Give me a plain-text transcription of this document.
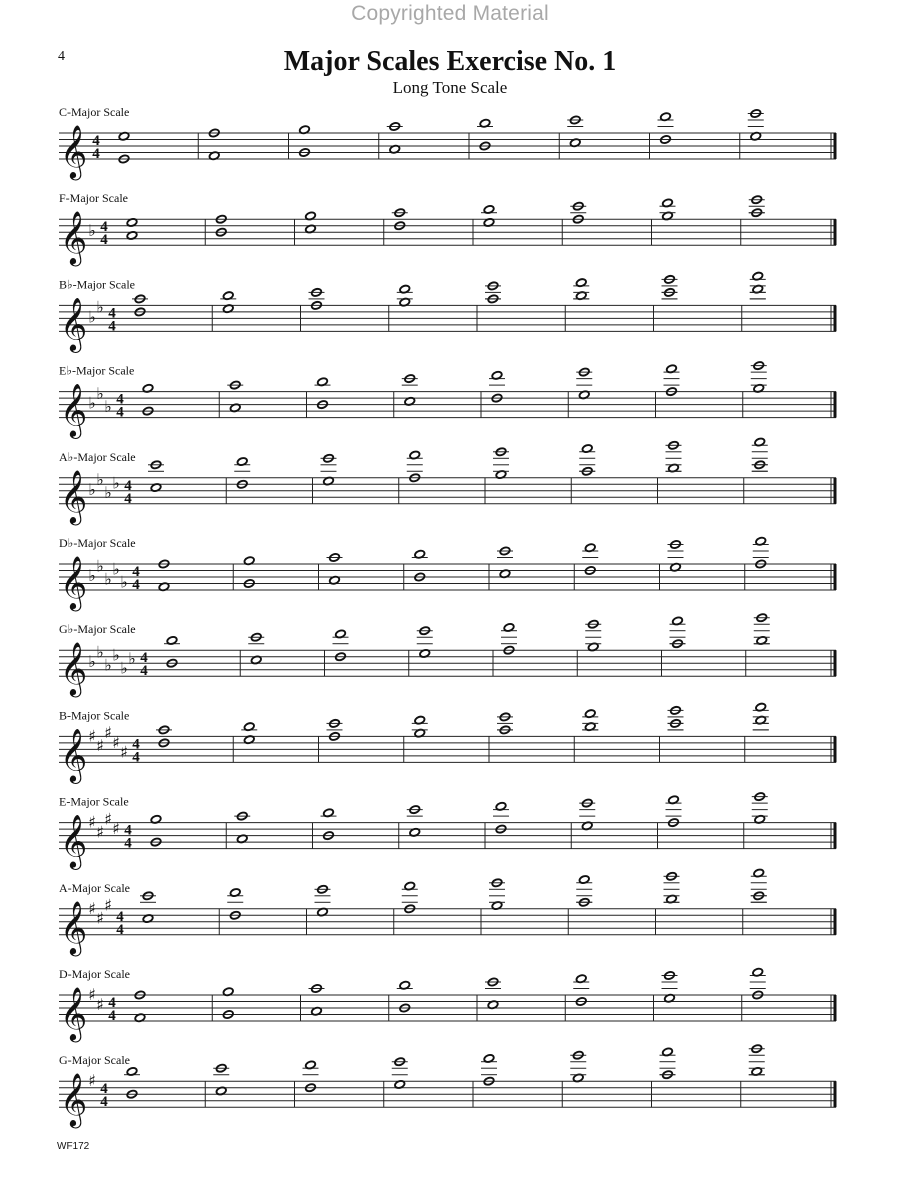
Copyrighted Material
4	Major Scales Exercise No. 1
Long Tone Scale
C-Major Scale
𝄞 4
4
F-Major Scale
𝄞 ♭ 4
4
B♭-Major Scale
𝄞 ♭
♭ 4
4
E♭-Major Scale
𝄞 ♭
♭
♭ 4
4
A♭-Major Scale
𝄞 ♭
♭
♭
♭ 4
4
D♭-Major Scale
𝄞 ♭
♭
♭
♭
♭
4
4
G♭-Major Scale
𝄞 ♭
♭
♭
♭
♭
♭ 4
4
B-Major Scale
𝄞 ♯
♯
♯
♯
♯ 4
4
E-Major Scale
𝄞 ♯
♯
♯
♯ 4
4
A-Major Scale
𝄞 ♯
♯
♯
4
4
D-Major Scale
𝄞 ♯
♯ 4
4
G-Major Scale
𝄞 ♯ 4
4
WF172
